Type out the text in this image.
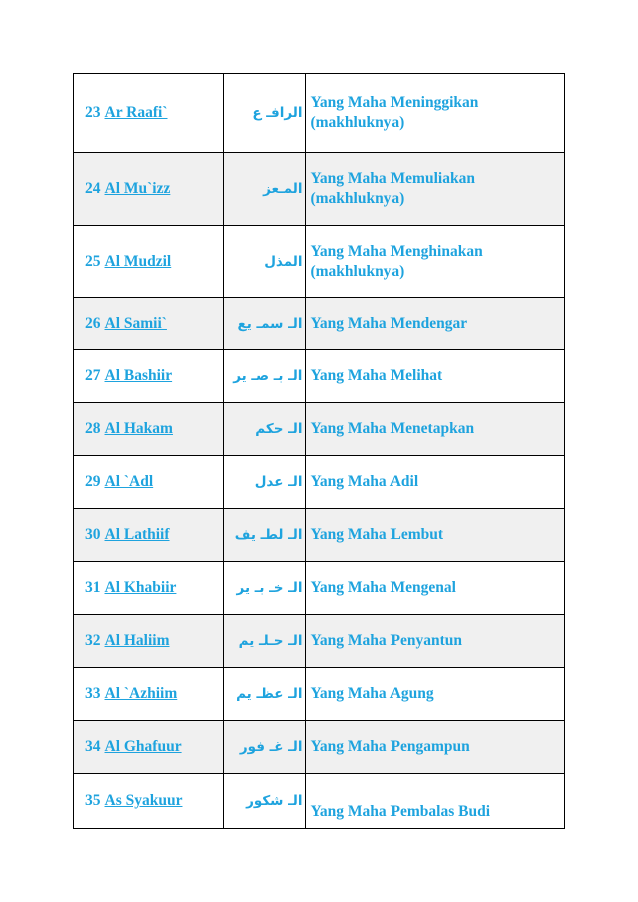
23 Ar Raafi`	الرافـ ع	Yang Maha Meninggikan (makhluknya)

24 Al Mu`izz	المـعز	Yang Maha Memuliakan (makhluknya)

25 Al Mudzil	المذل	Yang Maha Menghinakan (makhluknya)

26 Al Samii`	الـ سمـ يع	Yang Maha Mendengar

27 Al Bashiir	الـ بـ صـ ير	Yang Maha Melihat

28 Al Hakam	الـ حكم	Yang Maha Menetapkan

29 Al `Adl	الـ عدل	Yang Maha Adil

30 Al Lathiif	الـ لطـ يف	Yang Maha Lembut

31 Al Khabiir	الـ خـ بـ ير	Yang Maha Mengenal

32 Al Haliim	الـ حـلـ يم	Yang Maha Penyantun

33 Al `Azhiim	الـ عظـ يم	Yang Maha Agung

34 Al Ghafuur	الـ غـ فور	Yang Maha Pengampun

35 As Syakuur	الـ شكور	Yang Maha Pembalas Budi
